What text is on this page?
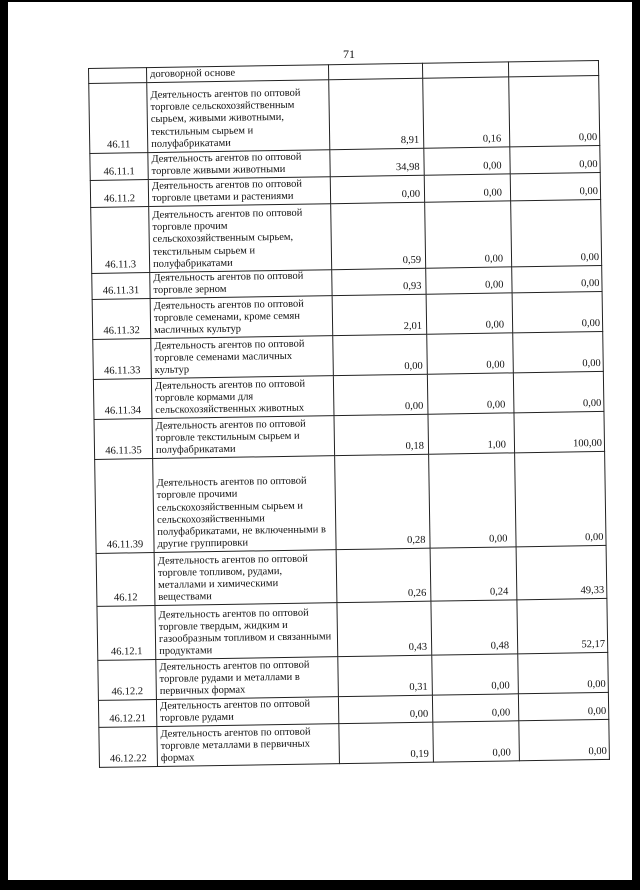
71
	договорной основе			
46.11	Деятельность агентов по оптовой торговле сельскохозяйственным сырьем, живыми животными, текстильным сырьем и полуфабрикатами	8,91	0,16	0,00
46.11.1	Деятельность агентов по оптовой торговле живыми животными	34,98	0,00	0,00
46.11.2	Деятельность агентов по оптовой торговле цветами и растениями	0,00	0,00	0,00
46.11.3	Деятельность агентов по оптовой торговле прочим сельскохозяйственным сырьем, текстильным сырьем и полуфабрикатами	0,59	0,00	0,00
46.11.31	Деятельность агентов по оптовой торговле зерном	0,93	0,00	0,00
46.11.32	Деятельность агентов по оптовой торговле семенами, кроме семян масличных культур	2,01	0,00	0,00
46.11.33	Деятельность агентов по оптовой торговле семенами масличных культур	0,00	0,00	0,00
46.11.34	Деятельность агентов по оптовой торговле кормами для сельскохозяйственных животных	0,00	0,00	0,00
46.11.35	Деятельность агентов по оптовой торговле текстильным сырьем и полуфабрикатами	0,18	1,00	100,00
46.11.39	Деятельность агентов по оптовой торговле прочими сельскохозяйственным сырьем и сельскохозяйственными полуфабрикатами, не включенными в другие группировки	0,28	0,00	0,00
46.12	Деятельность агентов по оптовой торговле топливом, рудами, металлами и химическими веществами	0,26	0,24	49,33
46.12.1	Деятельность агентов по оптовой торговле твердым, жидким и газообразным топливом и связанными продуктами	0,43	0,48	52,17
46.12.2	Деятельность агентов по оптовой торговле рудами и металлами в первичных формах	0,31	0,00	0,00
46.12.21	Деятельность агентов по оптовой торговле рудами	0,00	0,00	0,00
46.12.22	Деятельность агентов по оптовой торговле металлами в первичных формах	0,19	0,00	0,00
